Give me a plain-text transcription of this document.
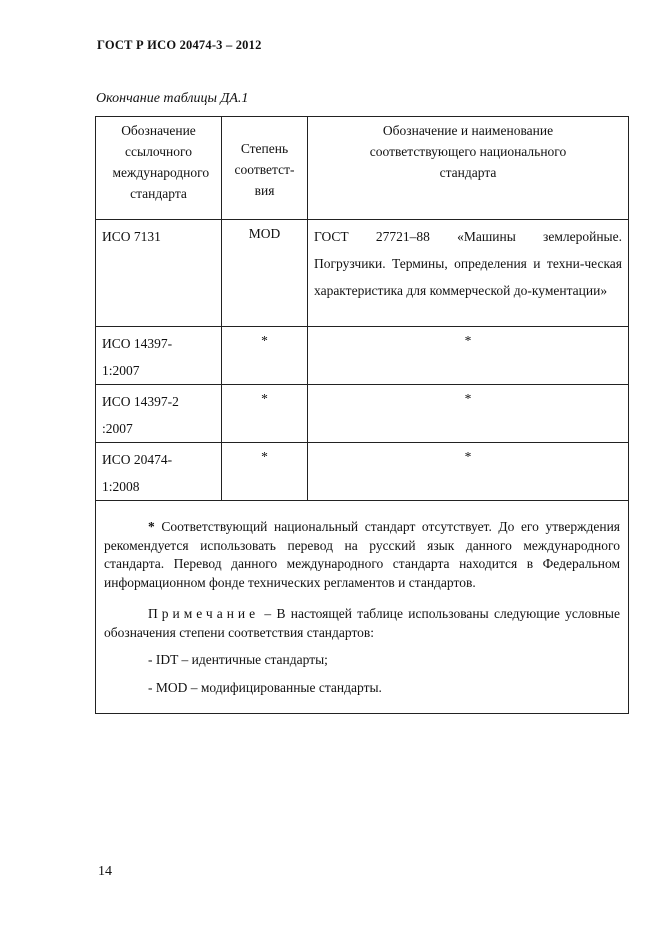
ГОСТ Р ИСО 20474-3 – 2012
Окончание таблицы ДА.1
Обозначение ссылочного международного стандарта	Степень соответст-вия	Обозначение и наименование соответствующего национального стандарта

ИСО 7131	MOD	ГОСТ 27721–88 «Машины землеройные. Погрузчики. Термины, определения и техни-ческая характеристика для коммерческой до-кументации»

ИСО 14397-1:2007	*	*

ИСО 14397-2 :2007	*	*

ИСО 20474-1:2008	*	*

* Соответствующий национальный стандарт отсутствует. До его утверждения рекомендуется использовать перевод на русский язык данного международного стандарта. Перевод данного международного стандарта находится в Федеральном информационном фонде технических регламентов и стандартов.

Примечание – В настоящей таблице использованы следующие условные обозначения степени соответствия стандартов:

- IDT – идентичные стандарты;

- MOD – модифицированные стандарты.		

14
